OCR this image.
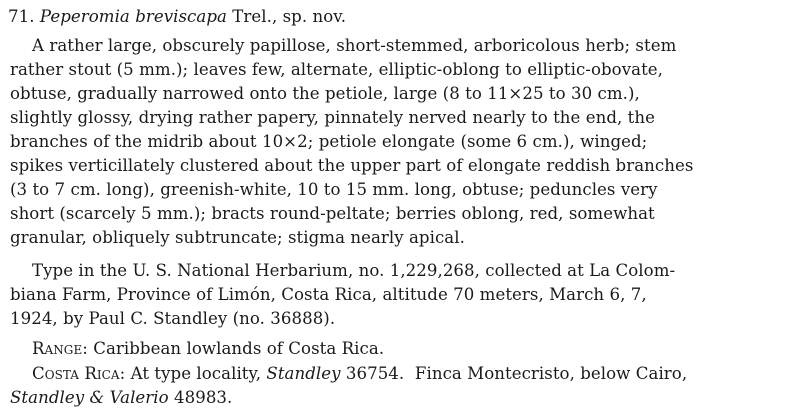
71. Peperomia breviscapa Trel., sp. nov.
A rather large, obscurely papillose, short-stemmed, arboricolous herb; stem
rather stout (5 mm.); leaves few, alternate, elliptic-oblong to elliptic-obovate,
obtuse, gradually narrowed onto the petiole, large (8 to 11×25 to 30 cm.),
slightly glossy, drying rather papery, pinnately nerved nearly to the end, the
branches of the midrib about 10×2; petiole elongate (some 6 cm.), winged;
spikes verticillately clustered about the upper part of elongate reddish branches
(3 to 7 cm. long), greenish-white, 10 to 15 mm. long, obtuse; peduncles very
short (scarcely 5 mm.); bracts round-peltate; berries oblong, red, somewhat
granular, obliquely subtruncate; stigma nearly apical.
Type in the U. S. National Herbarium, no. 1,229,268, collected at La Colom-
biana Farm, Province of Limón, Costa Rica, altitude 70 meters, March 6, 7,
1924, by Paul C. Standley (no. 36888).
Range: Caribbean lowlands of Costa Rica.
Costa Rica: At type locality, Standley 36754. Finca Montecristo, below Cairo,
Standley & Valerio 48983.
